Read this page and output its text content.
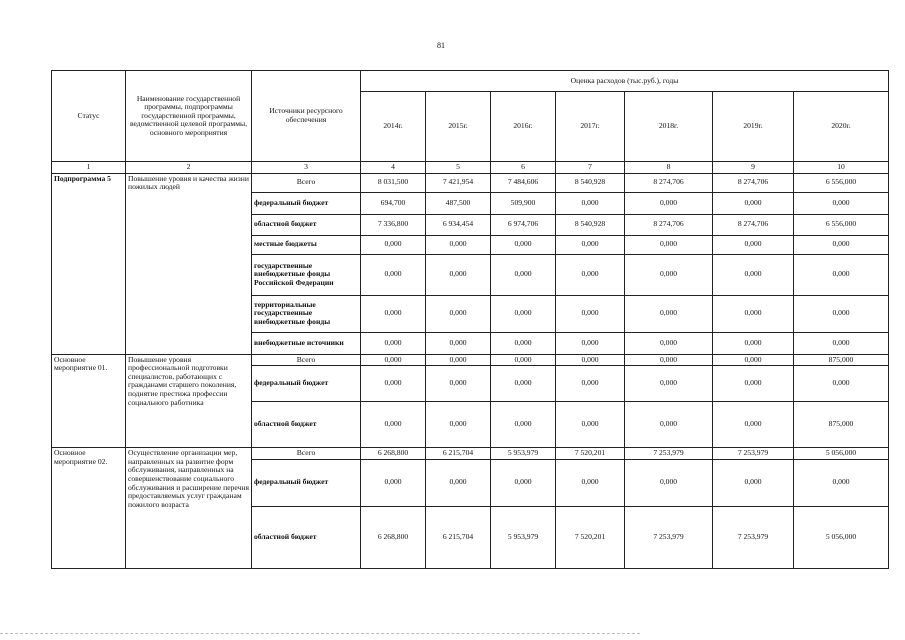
81
Статус	Наименование государственной программы, подпрограммы государственной программы, ведомственной целевой программы, основного мероприятия	Источники ресурсного обеспечения	Оценка расходов (тыс.руб.), годы						
			2014г.	2015г.	2016г.	2017г.	2018г.	2019г.	2020г.
1	2	3	4	5	6	7	8	9	10
Подпрограмма 5	Повышение уровня и качества жизни пожилых людей	Всего	8 031,500	7 421,954	7 484,606	8 540,928	8 274,706	8 274,706	6 556,000
		федеральный бюджет	694,700	487,500	509,900	0,000	0,000	0,000	0,000
		областной бюджет	7 336,800	6 934,454	6 974,706	8 540,928	8 274,706	8 274,706	6 556,000
		местные бюджеты	0,000	0,000	0,000	0,000	0,000	0,000	0,000
		государственные внебюджетные фонды Российской Федерации	0,000	0,000	0,000	0,000	0,000	0,000	0,000
		территориальные государственные внебюджетные фонды	0,000	0,000	0,000	0,000	0,000	0,000	0,000
		внебюджетные источники	0,000	0,000	0,000	0,000	0,000	0,000	0,000
Основное мероприятие 01.	Повышение уровня профессиональной подготовки специалистов, работающих с гражданами старшего поколения, поднятие престижа профессии социального работника	Всего	0,000	0,000	0,000	0,000	0,000	0,000	875,000
		федеральный бюджет	0,000	0,000	0,000	0,000	0,000	0,000	0,000
		областной бюджет	0,000	0,000	0,000	0,000	0,000	0,000	875,000
Основное мероприятие 02.	Осуществление организации мер, направленных на развитие форм обслуживания, направленных на совершенствование социального обслуживания и расширение перечня предоставляемых услуг гражданам пожилого возраста	Всего	6 268,800	6 215,704	5 953,979	7 520,201	7 253,979	7 253,979	5 056,000
		федеральный бюджет	0,000	0,000	0,000	0,000	0,000	0,000	0,000
		областной бюджет	6 268,800	6 215,704	5 953,979	7 520,201	7 253,979	7 253,979	5 056,000
